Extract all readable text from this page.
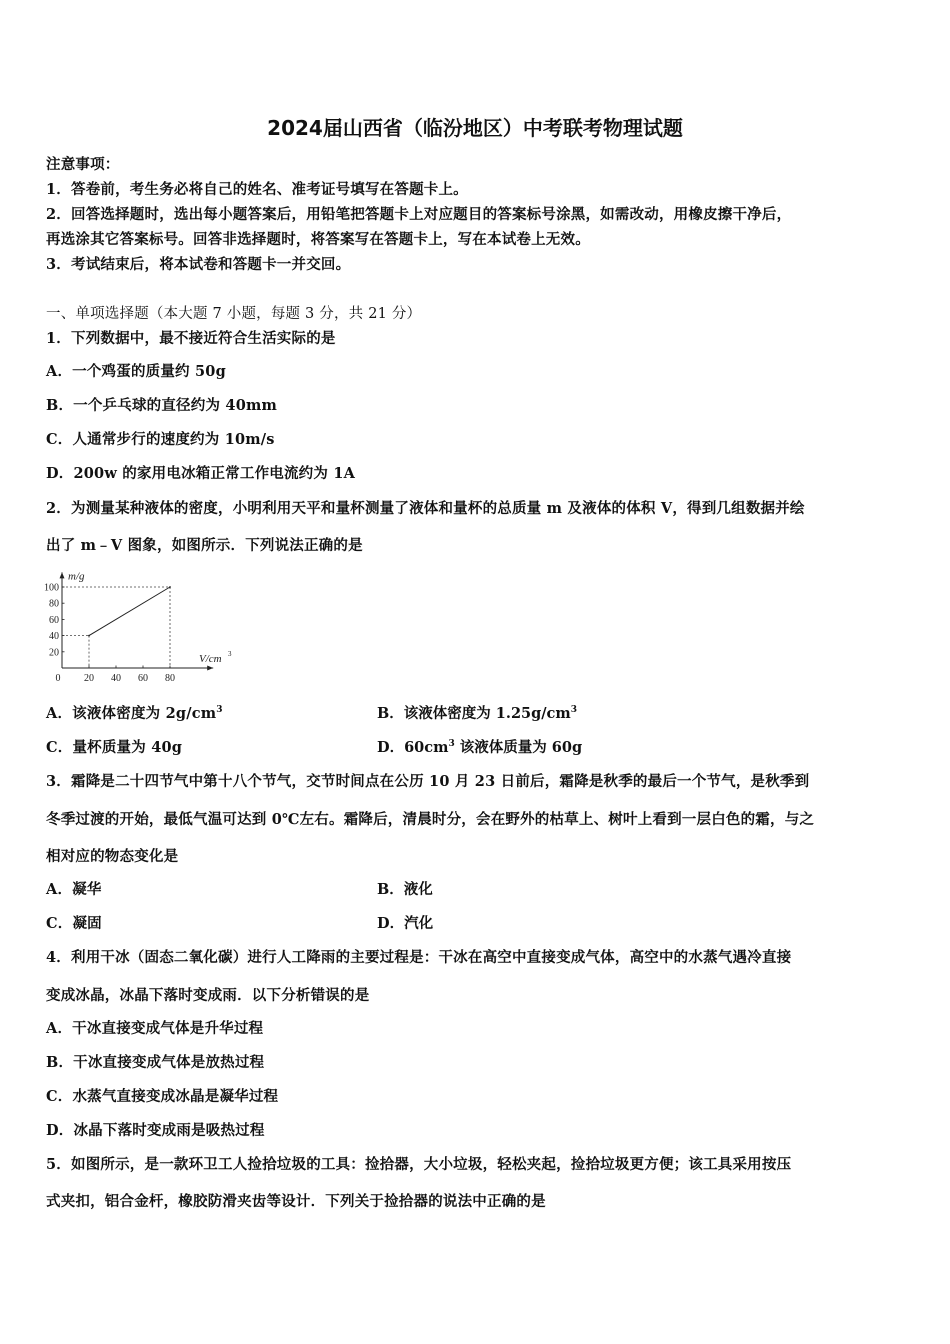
2024届山西省（临汾地区）中考联考物理试题
注意事项：
1．答卷前，考生务必将自己的姓名、准考证号填写在答题卡上。
2．回答选择题时，选出每小题答案后，用铅笔把答题卡上对应题目的答案标号涂黑，如需改动，用橡皮擦干净后，
再选涂其它答案标号。回答非选择题时，将答案写在答题卡上，写在本试卷上无效。
3．考试结束后，将本试卷和答题卡一并交回。
一、单项选择题（本大题 7 小题，每题 3 分，共 21 分）
1．下列数据中，最不接近符合生活实际的是
A．一个鸡蛋的质量约 50g
B．一个乒乓球的直径约为 40mm
C．人通常步行的速度约为 10m/s
D．200w 的家用电冰箱正常工作电流约为 1A
2．为测量某种液体的密度，小明利用天平和量杯测量了液体和量杯的总质量 m 及液体的体积 V，得到几组数据并绘
出了 m﹣V 图象，如图所示．下列说法正确的是
20 40 60 80
20
40
60
80
100
0
m/g
V/cm 3
A．该液体密度为 $2g/cm^3$	B．该液体密度为 $1.25g/cm^3$
C．量杯质量为 40g	D．$60cm^3$ 该液体质量为 60g
3．霜降是二十四节气中第十八个节气，交节时间点在公历 10 月 23 日前后，霜降是秋季的最后一个节气，是秋季到
冬季过渡的开始，最低气温可达到 0℃左右。霜降后，清晨时分，会在野外的枯草上、树叶上看到一层白色的霜，与之
相对应的物态变化是
A．凝华	B．液化
C．凝固	D．汽化
4．利用干冰（固态二氧化碳）进行人工降雨的主要过程是：干冰在高空中直接变成气体，高空中的水蒸气遇冷直接
变成冰晶，冰晶下落时变成雨．以下分析错误的是
A．干冰直接变成气体是升华过程
B．干冰直接变成气体是放热过程
C．水蒸气直接变成冰晶是凝华过程
D．冰晶下落时变成雨是吸热过程
5．如图所示，是一款环卫工人捡拾垃圾的工具：捡拾器，大小垃圾，轻松夹起，捡拾垃圾更方便；该工具采用按压
式夹扣，铝合金杆，橡胶防滑夹齿等设计．下列关于捡拾器的说法中正确的是
